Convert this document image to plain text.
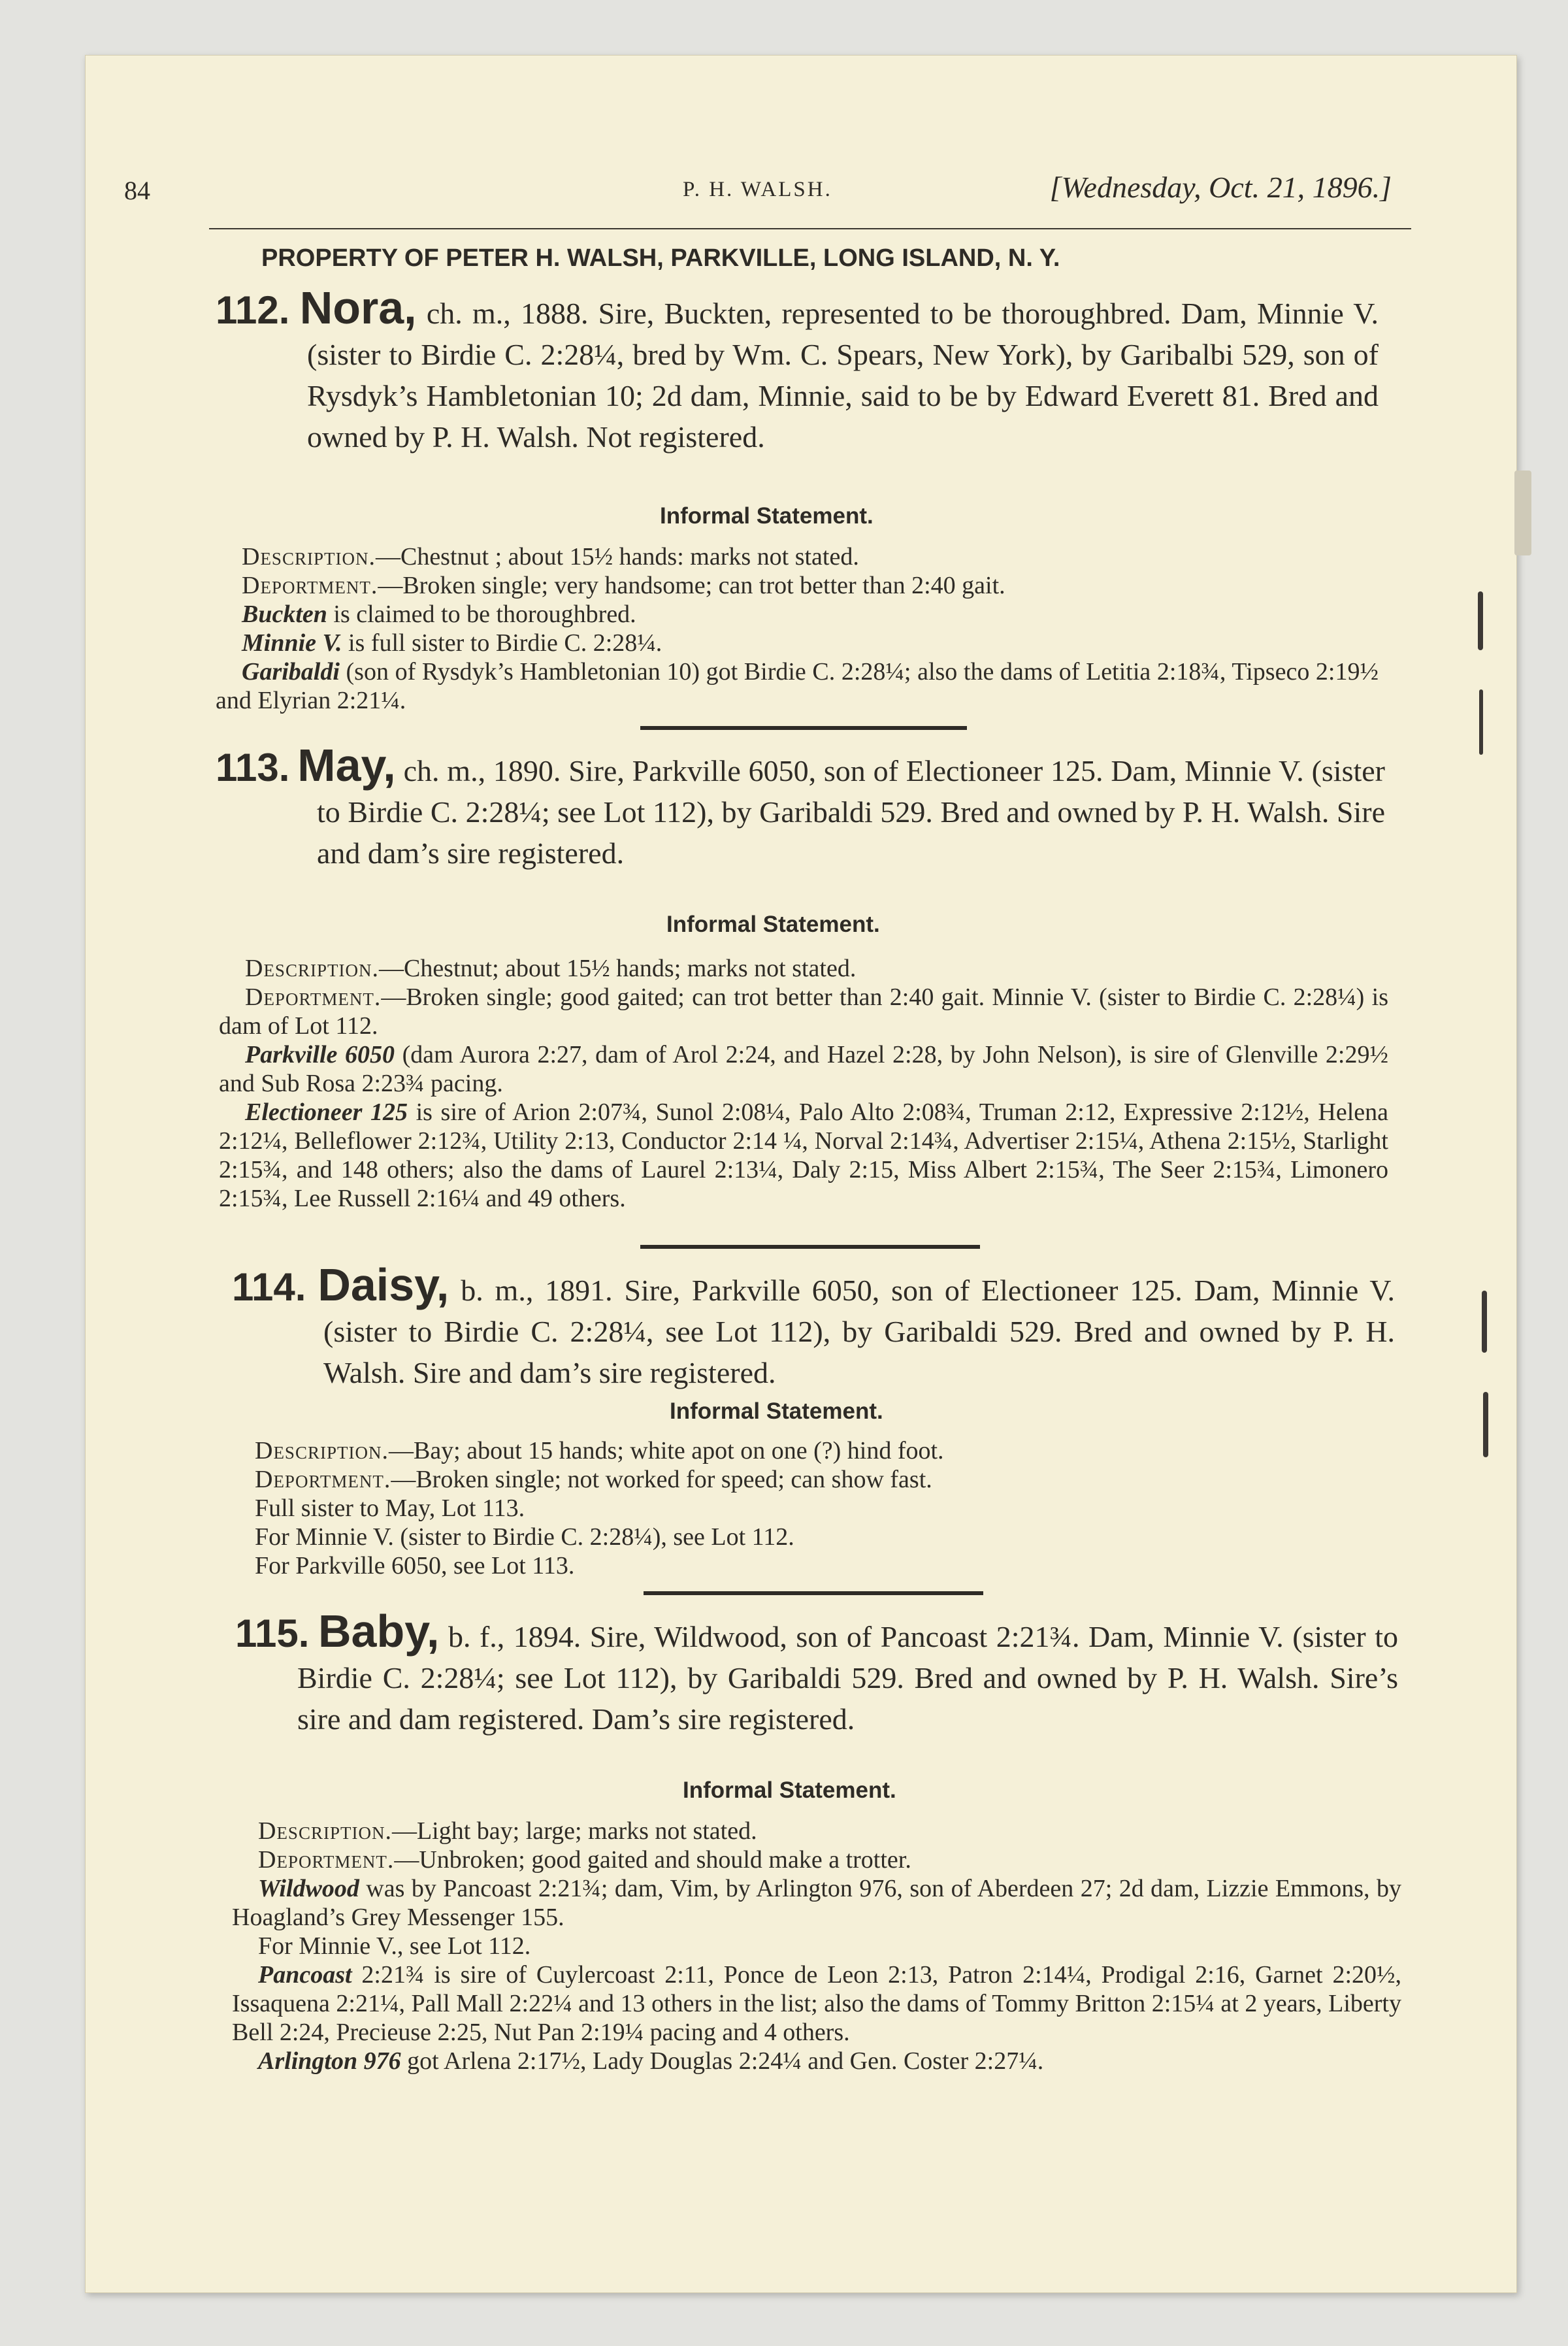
84	P. H. WALSH.	[Wednesday, Oct. 21, 1896.]
PROPERTY OF PETER H. WALSH, PARKVILLE, LONG ISLAND, N. Y.

112. Nora, ch. m., 1888. Sire, Buckten, represented to be thoroughbred. Dam, Minnie V. (sister to Birdie C. 2:28¼, bred by Wm. C. Spears, New York), by Garibalbi 529, son of Rysdyk’s Hambletonian 10; 2d dam, Minnie, said to be by Edward Everett 81. Bred and owned by P. H. Walsh. Not registered.

Informal Statement.

Description.—Chestnut ; about 15½ hands: marks not stated.

Deportment.—Broken single; very handsome; can trot better than 2:40 gait.

Buckten is claimed to be thoroughbred.

Minnie V. is full sister to Birdie C. 2:28¼.

Garibaldi (son of Rysdyk’s Hambletonian 10) got Birdie C. 2:28¼; also the dams of Letitia 2:18¾, Tipseco 2:19½ and Elyrian 2:21¼.

113. May, ch. m., 1890. Sire, Parkville 6050, son of Electioneer 125. Dam, Minnie V. (sister to Birdie C. 2:28¼; see Lot 112), by Garibaldi 529. Bred and owned by P. H. Walsh. Sire and dam’s sire registered.

Informal Statement.

Description.—Chestnut; about 15½ hands; marks not stated.

Deportment.—Broken single; good gaited; can trot better than 2:40 gait. Minnie V. (sister to Birdie C. 2:28¼) is dam of Lot 112.

Parkville 6050 (dam Aurora 2:27, dam of Arol 2:24, and Hazel 2:28, by John Nelson), is sire of Glenville 2:29½ and Sub Rosa 2:23¾ pacing.

Electioneer 125 is sire of Arion 2:07¾, Sunol 2:08¼, Palo Alto 2:08¾, Truman 2:12, Expressive 2:12½, Helena 2:12¼, Belleflower 2:12¾, Utility 2:13, Conductor 2:14 ¼, Norval 2:14¾, Advertiser 2:15¼, Athena 2:15½, Starlight 2:15¾, and 148 others; also the dams of Laurel 2:13¼, Daly 2:15, Miss Albert 2:15¾, The Seer 2:15¾, Limonero 2:15¾, Lee Russell 2:16¼ and 49 others.

114. Daisy, b. m., 1891. Sire, Parkville 6050, son of Electioneer 125. Dam, Minnie V. (sister to Birdie C. 2:28¼, see Lot 112), by Garibaldi 529. Bred and owned by P. H. Walsh. Sire and dam’s sire registered.

Informal Statement.

Description.—Bay; about 15 hands; white apot on one (?) hind foot.

Deportment.—Broken single; not worked for speed; can show fast.

Full sister to May, Lot 113.

For Minnie V. (sister to Birdie C. 2:28¼), see Lot 112.

For Parkville 6050, see Lot 113.

115. Baby, b. f., 1894. Sire, Wildwood, son of Pancoast 2:21¾. Dam, Minnie V. (sister to Birdie C. 2:28¼; see Lot 112), by Garibaldi 529. Bred and owned by P. H. Walsh. Sire’s sire and dam registered. Dam’s sire registered.

Informal Statement.

Description.—Light bay; large; marks not stated.

Deportment.—Unbroken; good gaited and should make a trotter.

Wildwood was by Pancoast 2:21¾; dam, Vim, by Arlington 976, son of Aberdeen 27; 2d dam, Lizzie Emmons, by Hoagland’s Grey Messenger 155.

For Minnie V., see Lot 112.

Pancoast 2:21¾ is sire of Cuylercoast 2:11, Ponce de Leon 2:13, Patron 2:14¼, Prodigal 2:16, Garnet 2:20½, Issaquena 2:21¼, Pall Mall 2:22¼ and 13 others in the list; also the dams of Tommy Britton 2:15¼ at 2 years, Liberty Bell 2:24, Precieuse 2:25, Nut Pan 2:19¼ pacing and 4 others.

Arlington 976 got Arlena 2:17½, Lady Douglas 2:24¼ and Gen. Coster 2:27¼.
